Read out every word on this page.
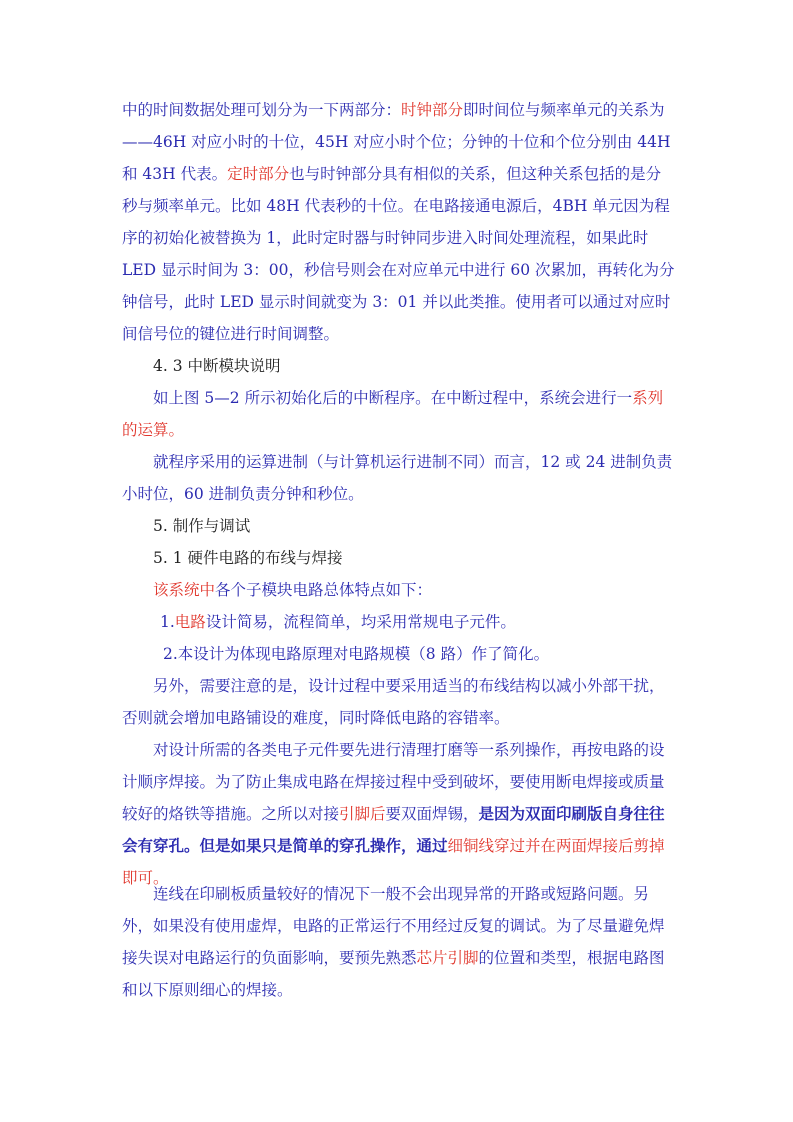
中的时间数据处理可划分为一下两部分：时钟部分即时间位与频率单元的关系为
——46H 对应小时的十位，45H 对应小时个位；分钟的十位和个位分别由 44H
和 43H 代表。定时部分也与时钟部分具有相似的关系，但这种关系包括的是分
秒与频率单元。比如 48H 代表秒的十位。在电路接通电源后，4BH 单元因为程
序的初始化被替换为 1，此时定时器与时钟同步进入时间处理流程，如果此时
LED 显示时间为 3：00，秒信号则会在对应单元中进行 60 次累加，再转化为分
钟信号，此时 LED 显示时间就变为 3：01 并以此类推。使用者可以通过对应时
间信号位的键位进行时间调整。
4. 3 中断模块说明
如上图 5—2 所示初始化后的中断程序。在中断过程中，系统会进行一系列
的运算。
就程序采用的运算进制（与计算机运行进制不同）而言，12 或 24 进制负责
小时位，60 进制负责分钟和秒位。
5. 制作与调试
5. 1 硬件电路的布线与焊接
该系统中各个子模块电路总体特点如下：
1.电路设计简易，流程简单，均采用常规电子元件。
2.本设计为体现电路原理对电路规模（8 路）作了简化。
另外，需要注意的是，设计过程中要采用适当的布线结构以减小外部干扰，
否则就会增加电路铺设的难度，同时降低电路的容错率。
对设计所需的各类电子元件要先进行清理打磨等一系列操作，再按电路的设
计顺序焊接。为了防止集成电路在焊接过程中受到破坏，要使用断电焊接或质量
较好的烙铁等措施。之所以对接引脚后要双面焊锡，是因为双面印刷版自身往往
会有穿孔。但是如果只是简单的穿孔操作，通过细铜线穿过并在两面焊接后剪掉
即可。
连线在印刷板质量较好的情况下一般不会出现异常的开路或短路问题。另
外，如果没有使用虚焊，电路的正常运行不用经过反复的调试。为了尽量避免焊
接失误对电路运行的负面影响，要预先熟悉芯片引脚的位置和类型，根据电路图
和以下原则细心的焊接。
